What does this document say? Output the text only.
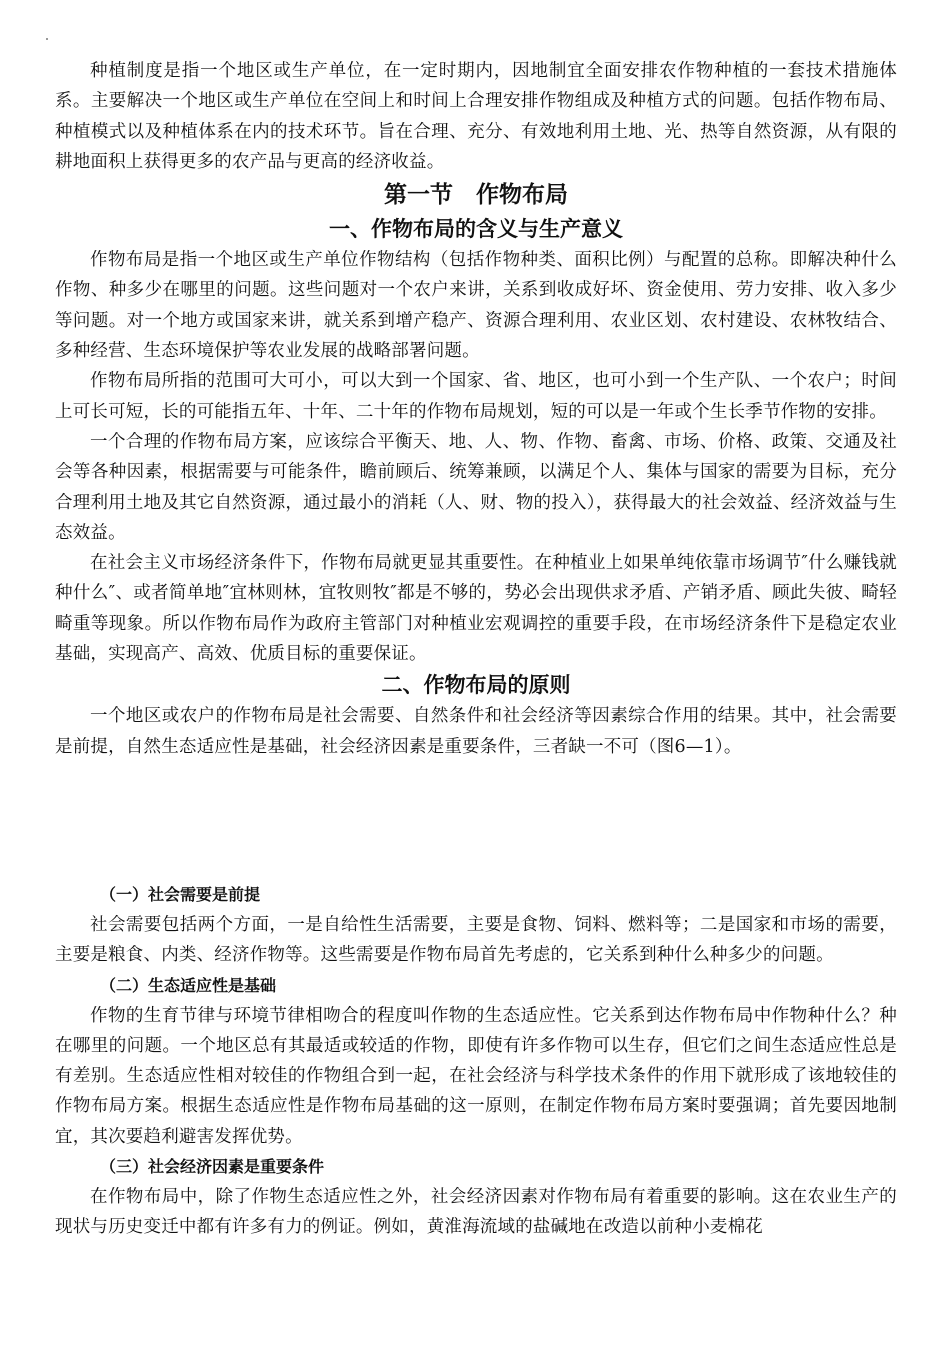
种植制度是指一个地区或生产单位，在一定时期内，因地制宜全面安排农作物种植的一套技术措施体系。主要解决一个地区或生产单位在空间上和时间上合理安排作物组成及种植方式的问题。包括作物布局、种植模式以及种植体系在内的技术环节。旨在合理、充分、有效地利用土地、光、热等自然资源，从有限的耕地面积上获得更多的农产品与更高的经济收益。

第一节　作物布局
一、作物布局的含义与生产意义

作物布局是指一个地区或生产单位作物结构（包括作物种类、面积比例）与配置的总称。即解决种什么作物、种多少在哪里的问题。这些问题对一个农户来讲，关系到收成好坏、资金使用、劳力安排、收入多少等问题。对一个地方或国家来讲，就关系到增产稳产、资源合理利用、农业区划、农村建设、农林牧结合、多种经营、生态环境保护等农业发展的战略部署问题。

作物布局所指的范围可大可小，可以大到一个国家、省、地区，也可小到一个生产队、一个农户；时间上可长可短，长的可能指五年、十年、二十年的作物布局规划，短的可以是一年或个生长季节作物的安排。

一个合理的作物布局方案，应该综合平衡天、地、人、物、作物、畜禽、市场、价格、政策、交通及社会等各种因素，根据需要与可能条件，瞻前顾后、统筹兼顾，以满足个人、集体与国家的需要为目标，充分合理利用土地及其它自然资源，通过最小的消耗（人、财、物的投入），获得最大的社会效益、经济效益与生态效益。

在社会主义市场经济条件下，作物布局就更显其重要性。在种植业上如果单纯依靠市场调节″什么赚钱就种什么″、或者简单地″宜林则林，宜牧则牧″都是不够的，势必会出现供求矛盾、产销矛盾、顾此失彼、畸轻畸重等现象。所以作物布局作为政府主管部门对种植业宏观调控的重要手段，在市场经济条件下是稳定农业基础，实现高产、高效、优质目标的重要保证。

二、作物布局的原则

一个地区或农户的作物布局是社会需要、自然条件和社会经济等因素综合作用的结果。其中，社会需要是前提，自然生态适应性是基础，社会经济因素是重要条件，三者缺一不可（图6—1）。

（一）社会需要是前提

社会需要包括两个方面，一是自给性生活需要，主要是食物、饲料、燃料等；二是国家和市场的需要，主要是粮食、内类、经济作物等。这些需要是作物布局首先考虑的，它关系到种什么种多少的问题。

（二）生态适应性是基础

作物的生育节律与环境节律相吻合的程度叫作物的生态适应性。它关系到达作物布局中作物种什么？种在哪里的问题。一个地区总有其最适或较适的作物，即使有许多作物可以生存，但它们之间生态适应性总是有差别。生态适应性相对较佳的作物组合到一起，在社会经济与科学技术条件的作用下就形成了该地较佳的作物布局方案。根据生态适应性是作物布局基础的这一原则，在制定作物布局方案时要强调；首先要因地制宜，其次要趋利避害发挥优势。

（三）社会经济因素是重要条件

在作物布局中，除了作物生态适应性之外，社会经济因素对作物布局有着重要的影响。这在农业生产的现状与历史变迁中都有许多有力的例证。例如，黄淮海流域的盐碱地在改造以前种小麦棉花
